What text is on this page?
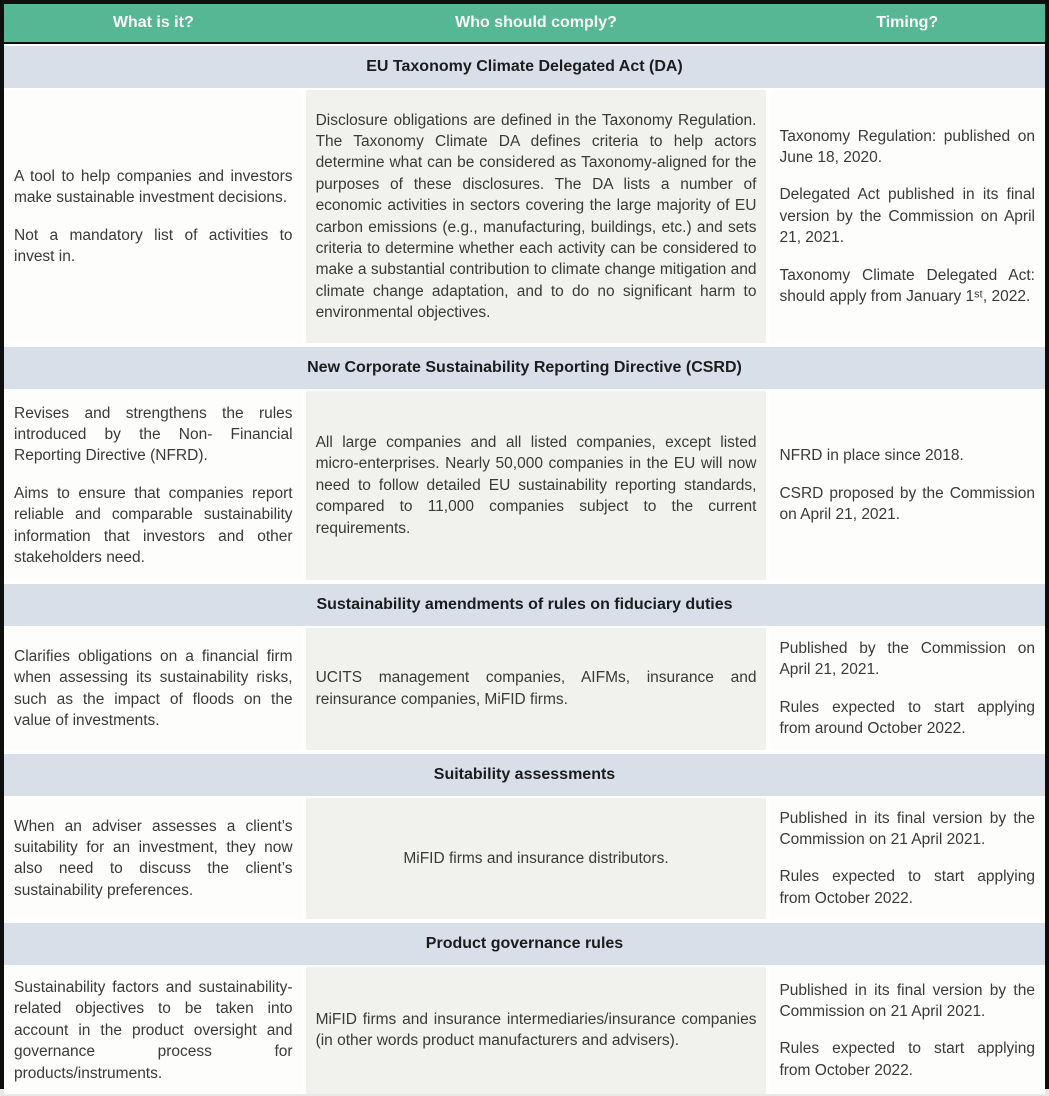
What is it?	Who should comply?	Timing?
EU Taxonomy Climate Delegated Act (DA)

A tool to help companies and investors make sustainable investment decisions.

Not a mandatory list of activities to invest in.

Disclosure obligations are defined in the Taxonomy Regulation. The Taxonomy Climate DA defines criteria to help actors determine what can be considered as Taxonomy-aligned for the purposes of these disclosures. The DA lists a number of economic activities in sectors covering the large majority of EU carbon emissions (e.g., manufacturing, buildings, etc.) and sets criteria to determine whether each activity can be considered to make a substantial contribution to climate change mitigation and climate change adaptation, and to do no significant harm to environmental objectives.

Taxonomy Regulation: published on June 18, 2020.

Delegated Act published in its final version by the Commission on April 21, 2021.

Taxonomy Climate Delegated Act: should apply from January 1ˢᵗ, 2022.

New Corporate Sustainability Reporting Directive (CSRD)

Revises and strengthens the rules introduced by the Non- Financial Reporting Directive (NFRD).

Aims to ensure that companies report reliable and comparable sustainability information that investors and other stakeholders need.

All large companies and all listed companies, except listed micro-enterprises. Nearly 50,000 companies in the EU will now need to follow detailed EU sustainability reporting standards, compared to 11,000 companies subject to the current requirements.

NFRD in place since 2018.

CSRD proposed by the Commission on April 21, 2021.

Sustainability amendments of rules on fiduciary duties

Clarifies obligations on a financial firm when assessing its sustainability risks, such as the impact of floods on the value of investments.

UCITS management companies, AIFMs, insurance and reinsurance companies, MiFID firms.

Published by the Commission on April 21, 2021.

Rules expected to start applying from around October 2022.

Suitability assessments

When an adviser assesses a client’s suitability for an investment, they now also need to discuss the client’s sustainability preferences.

MiFID firms and insurance distributors.

Published in its final version by the Commission on 21 April 2021.

Rules expected to start applying from October 2022.

Product governance rules

Sustainability factors and sustainability-related objectives to be taken into account in the product oversight and governance process for products/instruments.

MiFID firms and insurance intermediaries/insurance companies (in other words product manufacturers and advisers).

Published in its final version by the Commission on 21 April 2021.

Rules expected to start applying from October 2022.
